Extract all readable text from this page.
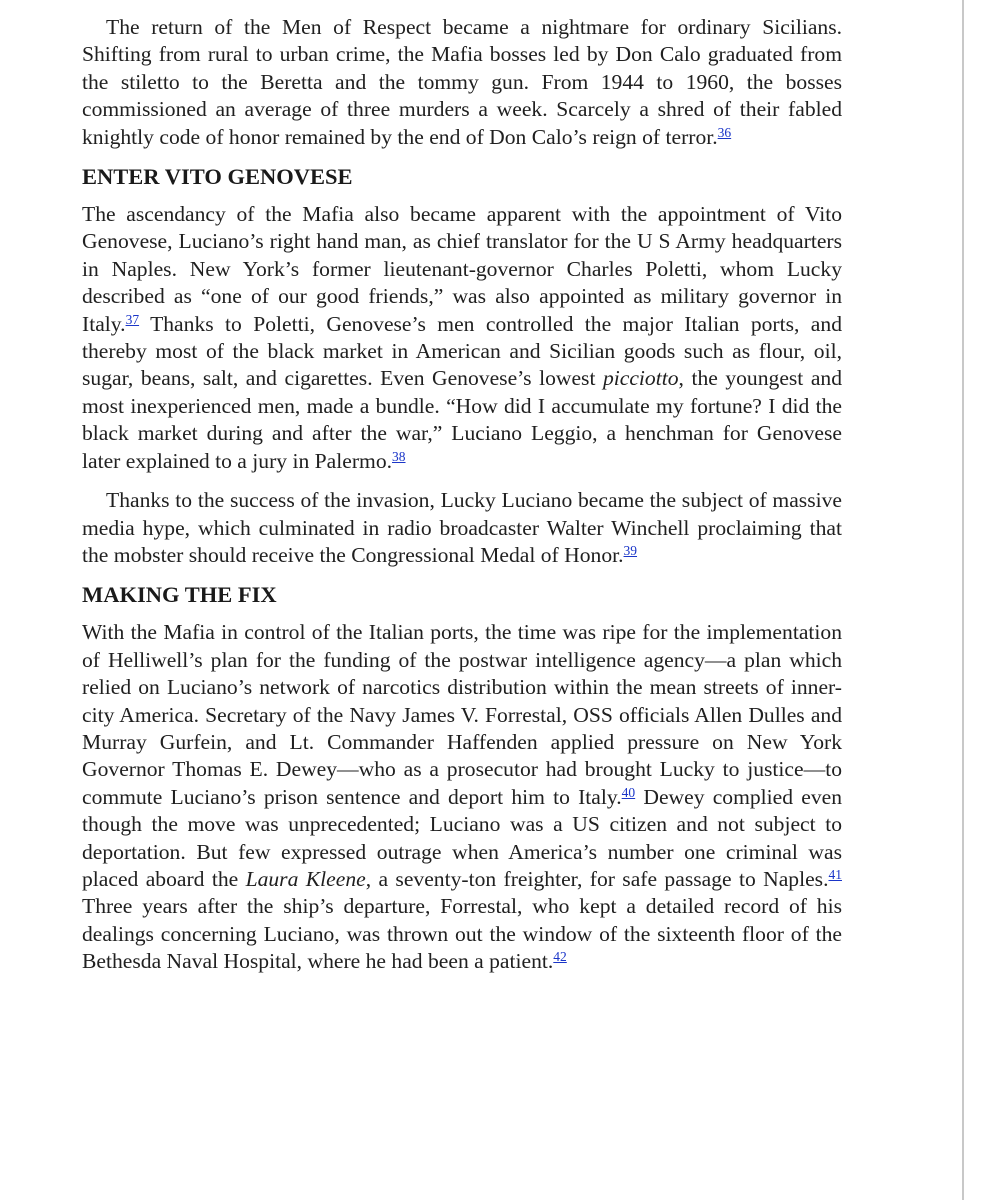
The return of the Men of Respect became a nightmare for ordinary Sicilians. Shifting from rural to urban crime, the Mafia bosses led by Don Calo graduated from the stiletto to the Beretta and the tommy gun. From 1944 to 1960, the bosses commissioned an average of three murders a week. Scarcely a shred of their fabled knightly code of honor remained by the end of Don Calo’s reign of terror.$^{36}$

ENTER VITO GENOVESE

The ascendancy of the Mafia also became apparent with the appointment of Vito Genovese, Luciano’s right hand man, as chief translator for the U S Army headquarters in Naples. New York’s former lieutenant-governor Charles Poletti, whom Lucky described as “one of our good friends,” was also appointed as military governor in Italy.$^{37}$ Thanks to Poletti, Genovese’s men controlled the major Italian ports, and thereby most of the black market in American and Sicilian goods such as flour, oil, sugar, beans, salt, and cigarettes. Even Genovese’s lowest picciotto, the youngest and most inexperienced men, made a bundle. “How did I accumulate my fortune? I did the black market during and after the war,” Luciano Leggio, a henchman for Genovese later explained to a jury in Palermo.$^{38}$

Thanks to the success of the invasion, Lucky Luciano became the subject of massive media hype, which culminated in radio broadcaster Walter Winchell proclaiming that the mobster should receive the Congressional Medal of Honor.$^{39}$

MAKING THE FIX

With the Mafia in control of the Italian ports, the time was ripe for the implementation of Helliwell’s plan for the funding of the postwar intelligence agency—a plan which relied on Luciano’s network of narcotics distribution within the mean streets of inner-city America. Secretary of the Navy James V. Forrestal, OSS officials Allen Dulles and Murray Gurfein, and Lt. Commander Haffenden applied pressure on New York Governor Thomas E. Dewey—who as a prosecutor had brought Lucky to justice—to commute Luciano’s prison sentence and deport him to Italy.$^{40}$ Dewey complied even though the move was unprecedented; Luciano was a US citizen and not subject to deportation. But few expressed outrage when America’s number one criminal was placed aboard the Laura Kleene, a seventy-ton freighter, for safe passage to Naples.$^{41}$ Three years after the ship’s departure, Forrestal, who kept a detailed record of his dealings concerning Luciano, was thrown out the window of the sixteenth floor of the Bethesda Naval Hospital, where he had been a patient.$^{42}$
